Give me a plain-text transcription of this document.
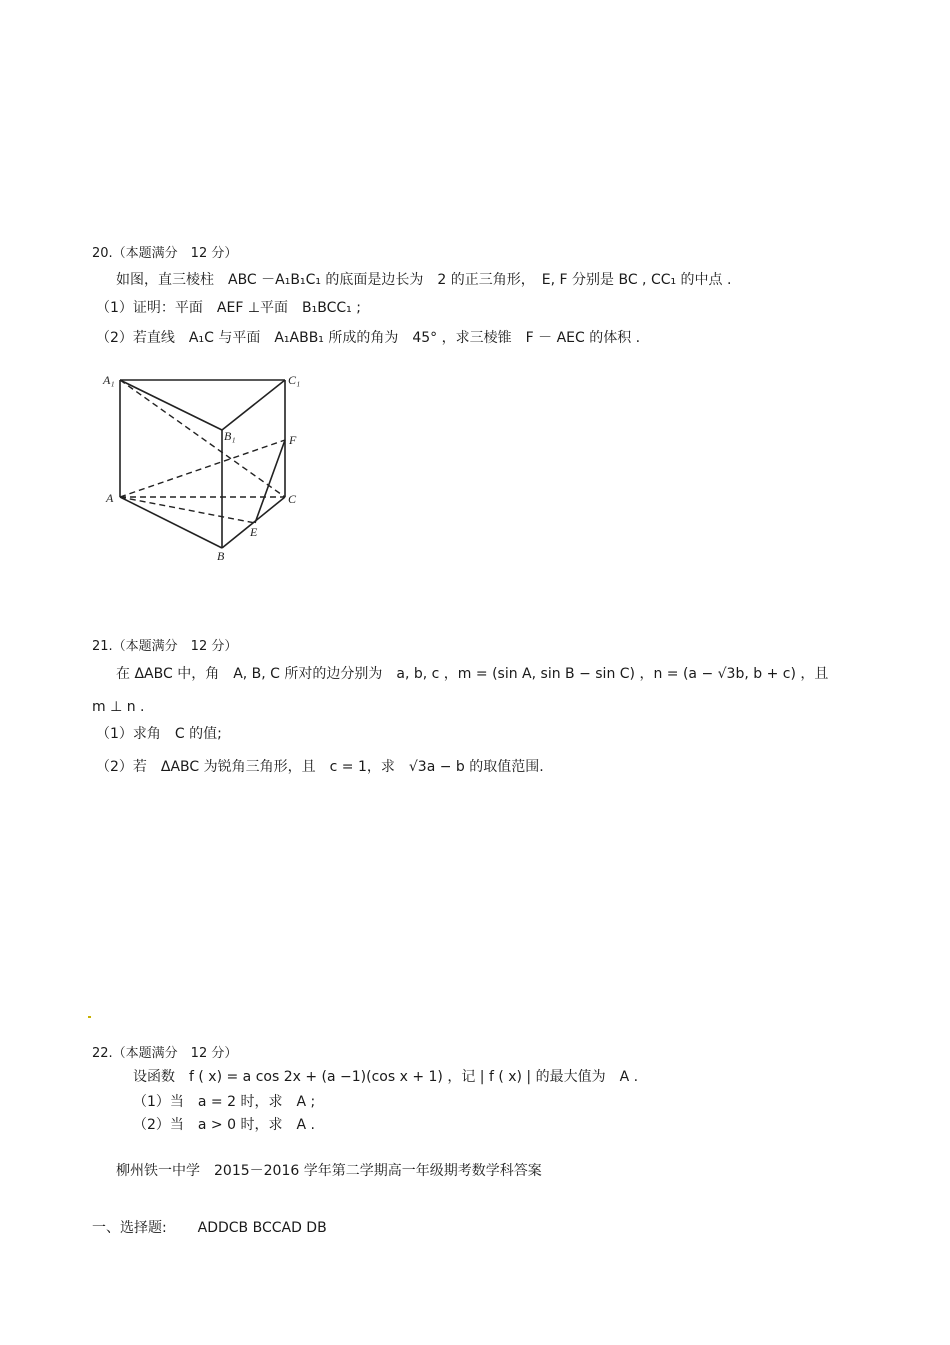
20.（本题满分　12 分）
如图，直三棱柱　ABC －A₁B₁C₁ 的底面是边长为　2 的正三角形，　E, F 分别是 BC , CC₁ 的中点 .
（1）证明：平面　AEF ⊥平面　B₁BCC₁ ;
（2）若直线　A₁C 与平面　A₁ABB₁ 所成的角为　45° ，求三棱锥　F － AEC 的体积 .
A₁	C₁
B₁	F
A	C
E
B
21.（本题满分　12 分）
在 ΔABC 中，角　A, B, C 所对的边分别为　a, b, c ，m = (sin A, sin B − sin C) ，n = (a − √3b, b + c) ，且
m ⊥ n .
（1）求角　C 的值;
（2）若　ΔABC 为锐角三角形，且　c = 1，求　√3a − b 的取值范围.
22.（本题满分　12 分）
设函数　f ( x) = a cos 2x + (a −1)(cos x + 1) ，记 | f ( x) | 的最大值为　A .
（1）当　a = 2 时，求　A ;
（2）当　a > 0 时，求　A .
柳州铁一中学　2015－2016 学年第二学期高一年级期考数学科答案
一、选择题: ADDCB BCCAD DB
